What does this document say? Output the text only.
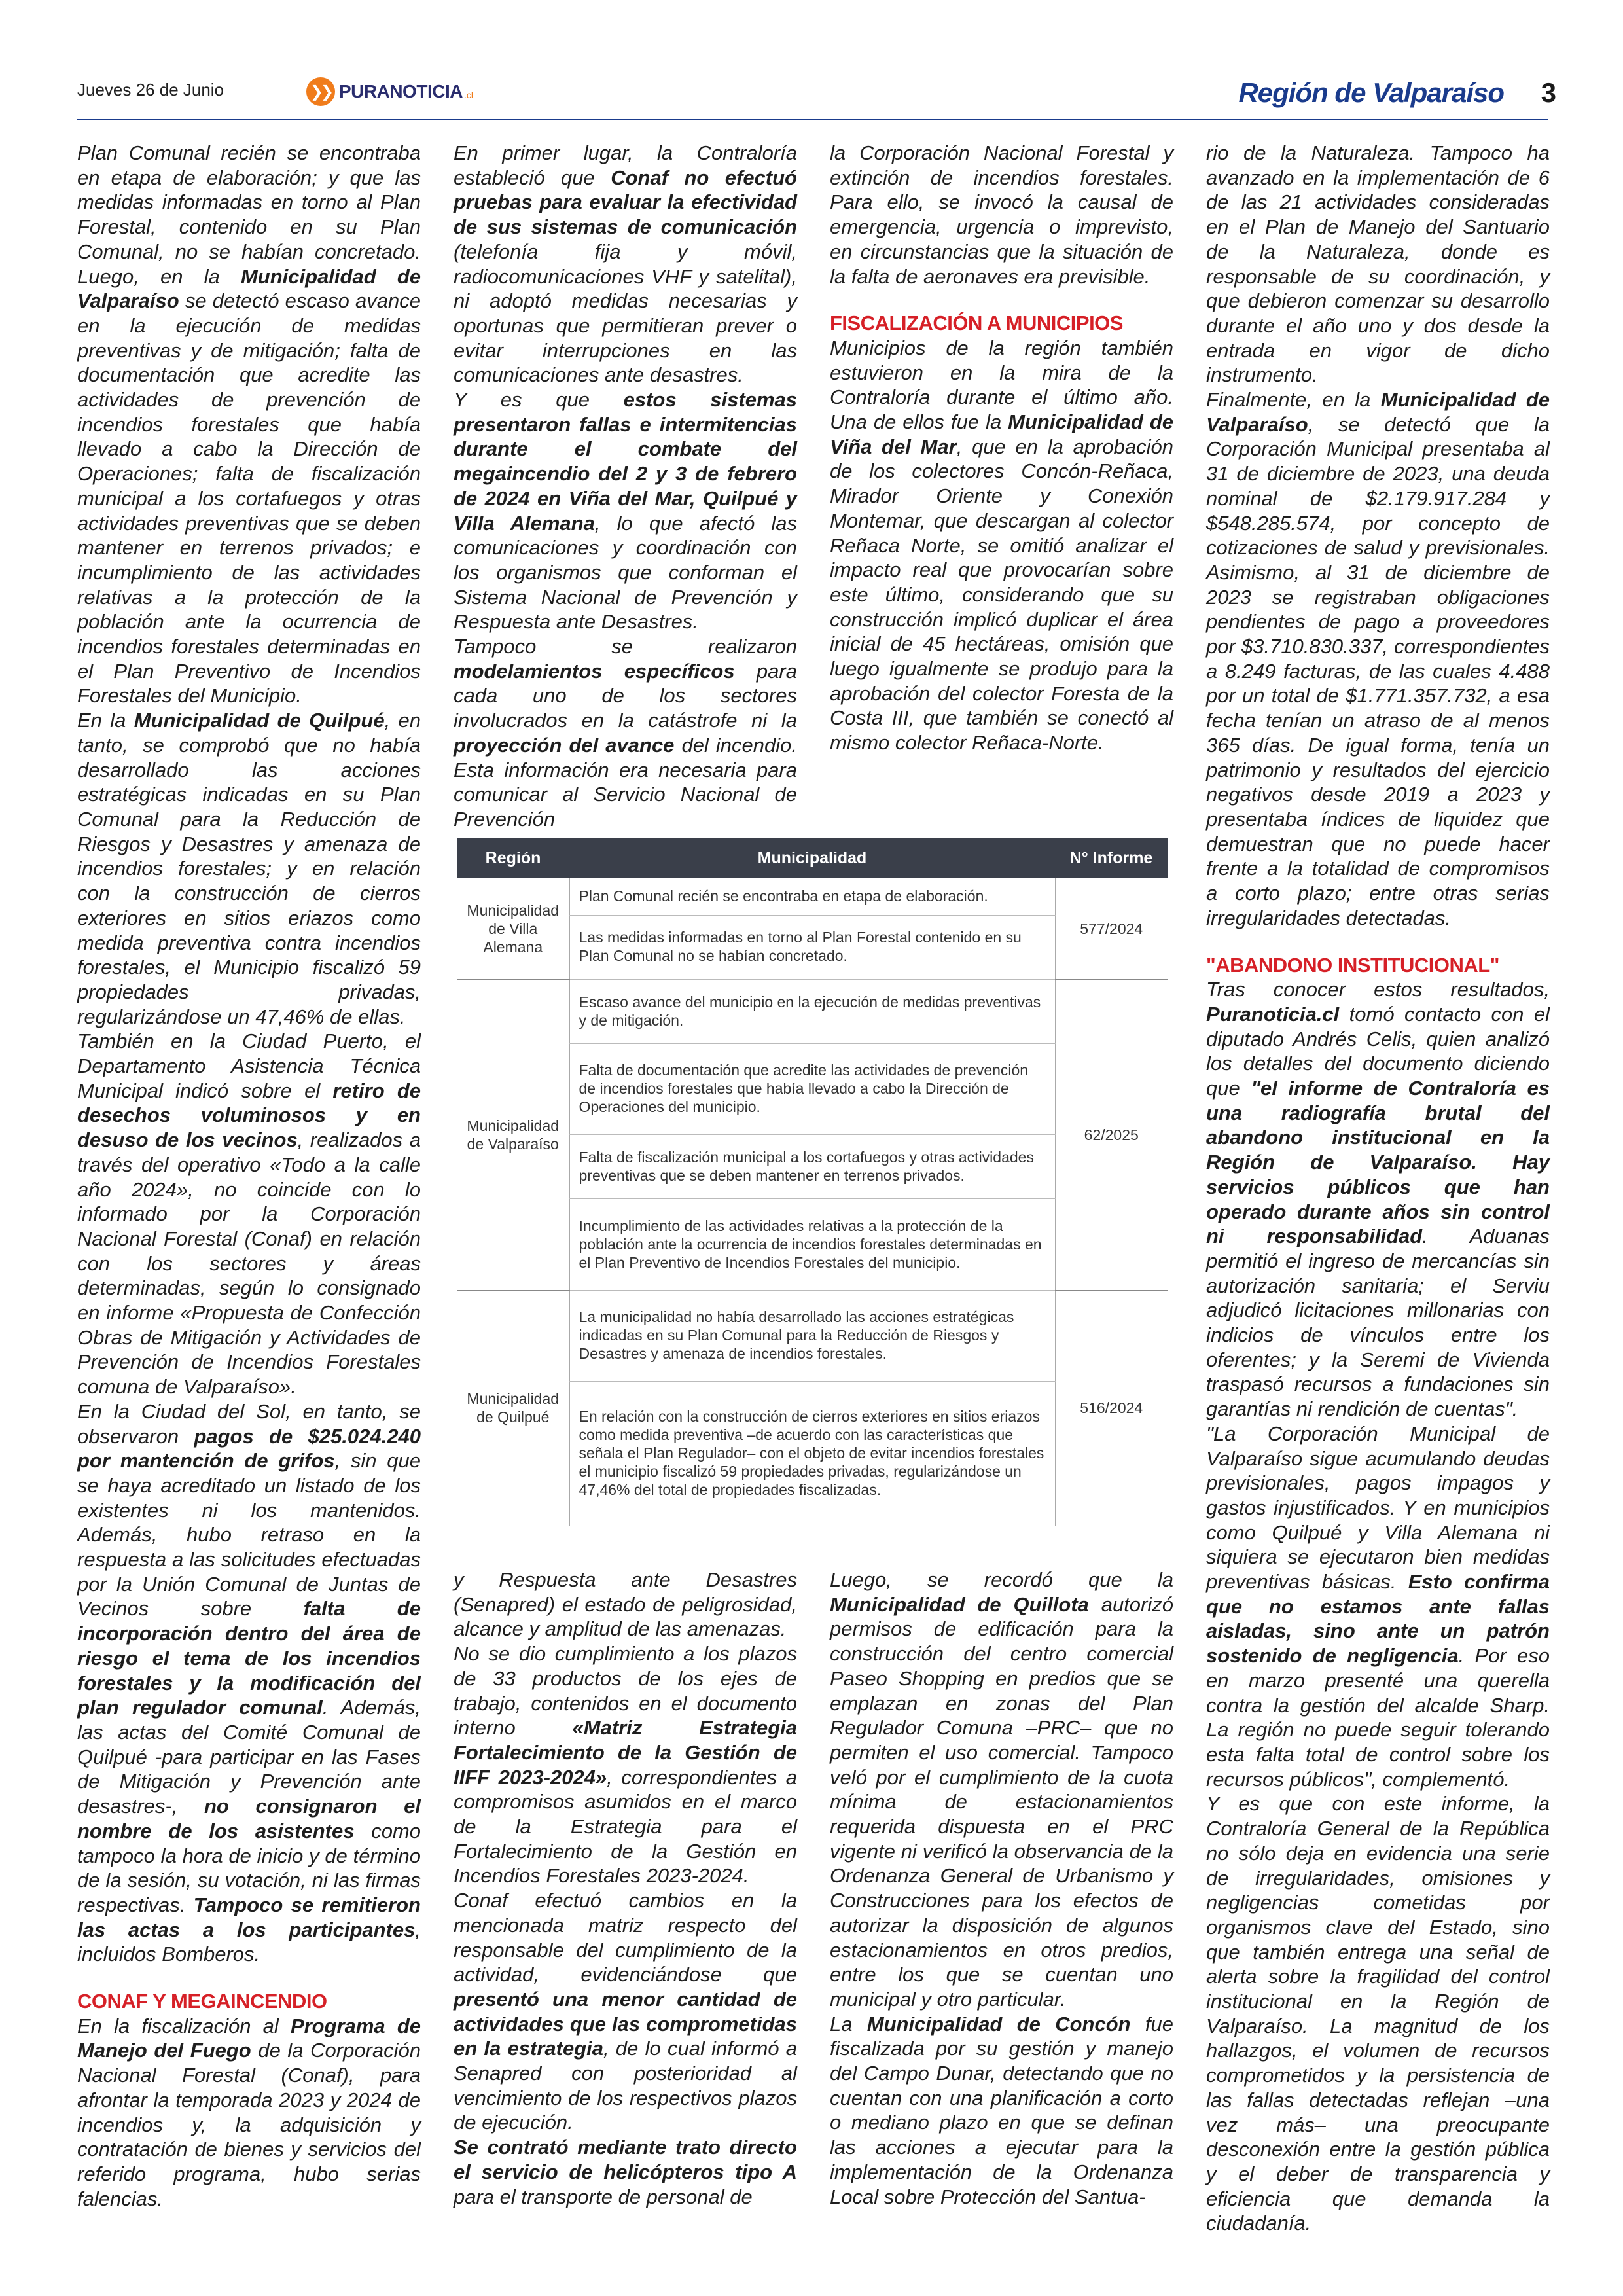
Jueves 26 de Junio	❯❯ PURANOTICIA .cl	Región de Valparaíso 3

Plan Comunal recién se encontraba en etapa de elaboración; y que las medidas informadas en torno al Plan Forestal, contenido en su Plan Comunal, no se habían concretado. Luego, en la Municipalidad de Valparaíso se detectó escaso avance en la ejecución de medidas preventivas y de mitigación; falta de documentación que acredite las actividades de prevención de incendios forestales que había llevado a cabo la Dirección de Operaciones; falta de fiscalización municipal a los cortafuegos y otras actividades preventivas que se deben mantener en terrenos privados; e incumplimiento de las actividades relativas a la protección de la población ante la ocurrencia de incendios forestales determinadas en el Plan Preventivo de Incendios Forestales del Municipio.

En la Municipalidad de Quilpué, en tanto, se comprobó que no había desarrollado las acciones estratégicas indicadas en su Plan Comunal para la Reducción de Riesgos y Desastres y amenaza de incendios forestales; y en relación con la construcción de cierros exteriores en sitios eriazos como medida preventiva contra incendios forestales, el Municipio fiscalizó 59 propiedades privadas, regularizándose un 47,46% de ellas.

También en la Ciudad Puerto, el Departamento Asistencia Técnica Municipal indicó sobre el retiro de desechos voluminosos y en desuso de los vecinos, realizados a través del operativo «Todo a la calle año 2024», no coincide con lo informado por la Corporación Nacional Forestal (Conaf) en relación con los sectores y áreas determinadas, según lo consignado en informe «Propuesta de Confección Obras de Mitigación y Actividades de Prevención de Incendios Forestales comuna de Valparaíso».

En la Ciudad del Sol, en tanto, se observaron pagos de $25.024.240 por mantención de grifos, sin que se haya acreditado un listado de los existentes ni los mantenidos. Además, hubo retraso en la respuesta a las solicitudes efectuadas por la Unión Comunal de Juntas de Vecinos sobre falta de incorporación dentro del área de riesgo el tema de los incendios forestales y la modificación del plan regulador comunal. Además, las actas del Comité Comunal de Quilpué -para participar en las Fases de Mitigación y Prevención ante desastres-, no consignaron el nombre de los asistentes como tampoco la hora de inicio y de término de la sesión, su votación, ni las firmas respectivas. Tampoco se remitieron las actas a los participantes, incluidos Bomberos.

CONAF Y MEGAINCENDIO

En la fiscalización al Programa de Manejo del Fuego de la Corporación Nacional Forestal (Conaf), para afrontar la temporada 2023 y 2024 de incendios y, la adquisición y contratación de bienes y servicios del referido programa, hubo serias falencias.

En primer lugar, la Contraloría estableció que Conaf no efectuó pruebas para evaluar la efectividad de sus sistemas de comunicación (telefonía fija y móvil, radiocomunicaciones VHF y satelital), ni adoptó medidas necesarias y oportunas que permitieran prever o evitar interrupciones en las comunicaciones ante desastres.

Y es que estos sistemas presentaron fallas e intermitencias durante el combate del megaincendio del 2 y 3 de febrero de 2024 en Viña del Mar, Quilpué y Villa Alemana, lo que afectó las comunicaciones y coordinación con los organismos que conforman el Sistema Nacional de Prevención y Respuesta ante Desastres.

Tampoco se realizaron modelamientos específicos para cada uno de los sectores involucrados en la catástrofe ni la proyección del avance del incendio. Esta información era necesaria para comunicar al Servicio Nacional de Prevención

la Corporación Nacional Forestal y extinción de incendios forestales. Para ello, se invocó la causal de emergencia, urgencia o imprevisto, en circunstancias que la situación de la falta de aeronaves era previsible.

FISCALIZACIÓN A MUNICIPIOS

Municipios de la región también estuvieron en la mira de la Contraloría durante el último año. Una de ellos fue la Municipalidad de Viña del Mar, que en la aprobación de los colectores Concón-Reñaca, Mirador Oriente y Conexión Montemar, que descargan al colector Reñaca Norte, se omitió analizar el impacto real que provocarían sobre este último, considerando que su construcción implicó duplicar el área inicial de 45 hectáreas, omisión que luego igualmente se produjo para la aprobación del colector Foresta de la Costa III, que también se conectó al mismo colector Reñaca-Norte.

rio de la Naturaleza. Tampoco ha avanzado en la implementación de 6 de las 21 actividades consideradas en el Plan de Manejo del Santuario de la Naturaleza, donde es responsable de su coordinación, y que debieron comenzar su desarrollo durante el año uno y dos desde la entrada en vigor de dicho instrumento.

Finalmente, en la Municipalidad de Valparaíso, se detectó que la Corporación Municipal presentaba al 31 de diciembre de 2023, una deuda nominal de $2.179.917.284 y $548.285.574, por concepto de cotizaciones de salud y previsionales. Asimismo, al 31 de diciembre de 2023 se registraban obligaciones pendientes de pago a proveedores por $3.710.830.337, correspondientes a 8.249 facturas, de las cuales 4.488 por un total de $1.771.357.732, a esa fecha tenían un atraso de al menos 365 días. De igual forma, tenía un patrimonio y resultados del ejercicio negativos desde 2019 a 2023 y presentaba índices de liquidez que demuestran que no puede hacer frente a la totalidad de compromisos a corto plazo; entre otras serias irregularidades detectadas.

"ABANDONO INSTITUCIONAL"

Tras conocer estos resultados, Puranoticia.cl tomó contacto con el diputado Andrés Celis, quien analizó los detalles del documento diciendo que "el informe de Contraloría es una radiografía brutal del abandono institucional en la Región de Valparaíso. Hay servicios públicos que han operado durante años sin control ni responsabilidad. Aduanas permitió el ingreso de mercancías sin autorización sanitaria; el Serviu adjudicó licitaciones millonarias con indicios de vínculos entre los oferentes; y la Seremi de Vivienda traspasó recursos a fundaciones sin garantías ni rendición de cuentas".

"La Corporación Municipal de Valparaíso sigue acumulando deudas previsionales, pagos impagos y gastos injustificados. Y en municipios como Quilpué y Villa Alemana ni siquiera se ejecutaron bien medidas preventivas básicas. Esto confirma que no estamos ante fallas aisladas, sino ante un patrón sostenido de negligencia. Por eso en marzo presenté una querella contra la gestión del alcalde Sharp. La región no puede seguir tolerando esta falta total de control sobre los recursos públicos", complementó.

Y es que con este informe, la Contraloría General de la República no sólo deja en evidencia una serie de irregularidades, omisiones y negligencias cometidas por organismos clave del Estado, sino que también entrega una señal de alerta sobre la fragilidad del control institucional en la Región de Valparaíso. La magnitud de los hallazgos, el volumen de recursos comprometidos y la persistencia de las fallas detectadas reflejan –una vez más– una preocupante desconexión entre la gestión pública y el deber de transparencia y eficiencia que demanda la ciudadanía.

Región	Municipalidad	N° Informe
Municipalidad de Villa Alemana	Plan Comunal recién se encontraba en etapa de elaboración.	577/2024
	Las medidas informadas en torno al Plan Forestal contenido en su Plan Comunal no se habían concretado.	
Municipalidad de Valparaíso	Escaso avance del municipio en la ejecución de medidas preventivas y de mitigación.	62/2025
	Falta de documentación que acredite las actividades de prevención de incendios forestales que había llevado a cabo la Dirección de Operaciones del municipio.	
	Falta de fiscalización municipal a los cortafuegos y otras actividades preventivas que se deben mantener en terrenos privados.	
	Incumplimiento de las actividades relativas a la protección de la población ante la ocurrencia de incendios forestales determinadas en el Plan Preventivo de Incendios Forestales del municipio.	
Municipalidad de Quilpué	La municipalidad no había desarrollado las acciones estratégicas indicadas en su Plan Comunal para la Reducción de Riesgos y Desastres y amenaza de incendios forestales.	516/2024
	En relación con la construcción de cierros exteriores en sitios eriazos como medida preventiva –de acuerdo con las características que señala el Plan Regulador– con el objeto de evitar incendios forestales el municipio fiscalizó 59 propiedades privadas, regularizándose un 47,46% del total de propiedades fiscalizadas.	

y Respuesta ante Desastres (Senapred) el estado de peligrosidad, alcance y amplitud de las amenazas.

No se dio cumplimiento a los plazos de 33 productos de los ejes de trabajo, contenidos en el documento interno «Matriz Estrategia Fortalecimiento de la Gestión de IIFF 2023-2024», correspondientes a compromisos asumidos en el marco de la Estrategia para el Fortalecimiento de la Gestión en Incendios Forestales 2023-2024.

Conaf efectuó cambios en la mencionada matriz respecto del responsable del cumplimiento de la actividad, evidenciándose que presentó una menor cantidad de actividades que las comprometidas en la estrategia, de lo cual informó a Senapred con posterioridad al vencimiento de los respectivos plazos de ejecución.

Se contrató mediante trato directo el servicio de helicópteros tipo A para el transporte de personal de

Luego, se recordó que la Municipalidad de Quillota autorizó permisos de edificación para la construcción del centro comercial Paseo Shopping en predios que se emplazan en zonas del Plan Regulador Comuna –PRC– que no permiten el uso comercial. Tampoco veló por el cumplimiento de la cuota mínima de estacionamientos requerida dispuesta en el PRC vigente ni verificó la observancia de la Ordenanza General de Urbanismo y Construcciones para los efectos de autorizar la disposición de algunos estacionamientos en otros predios, entre los que se cuentan uno municipal y otro particular.

La Municipalidad de Concón fue fiscalizada por su gestión y manejo del Campo Dunar, detectando que no cuentan con una planificación a corto o mediano plazo en que se definan las acciones a ejecutar para la implementación de la Ordenanza Local sobre Protección del Santua-
